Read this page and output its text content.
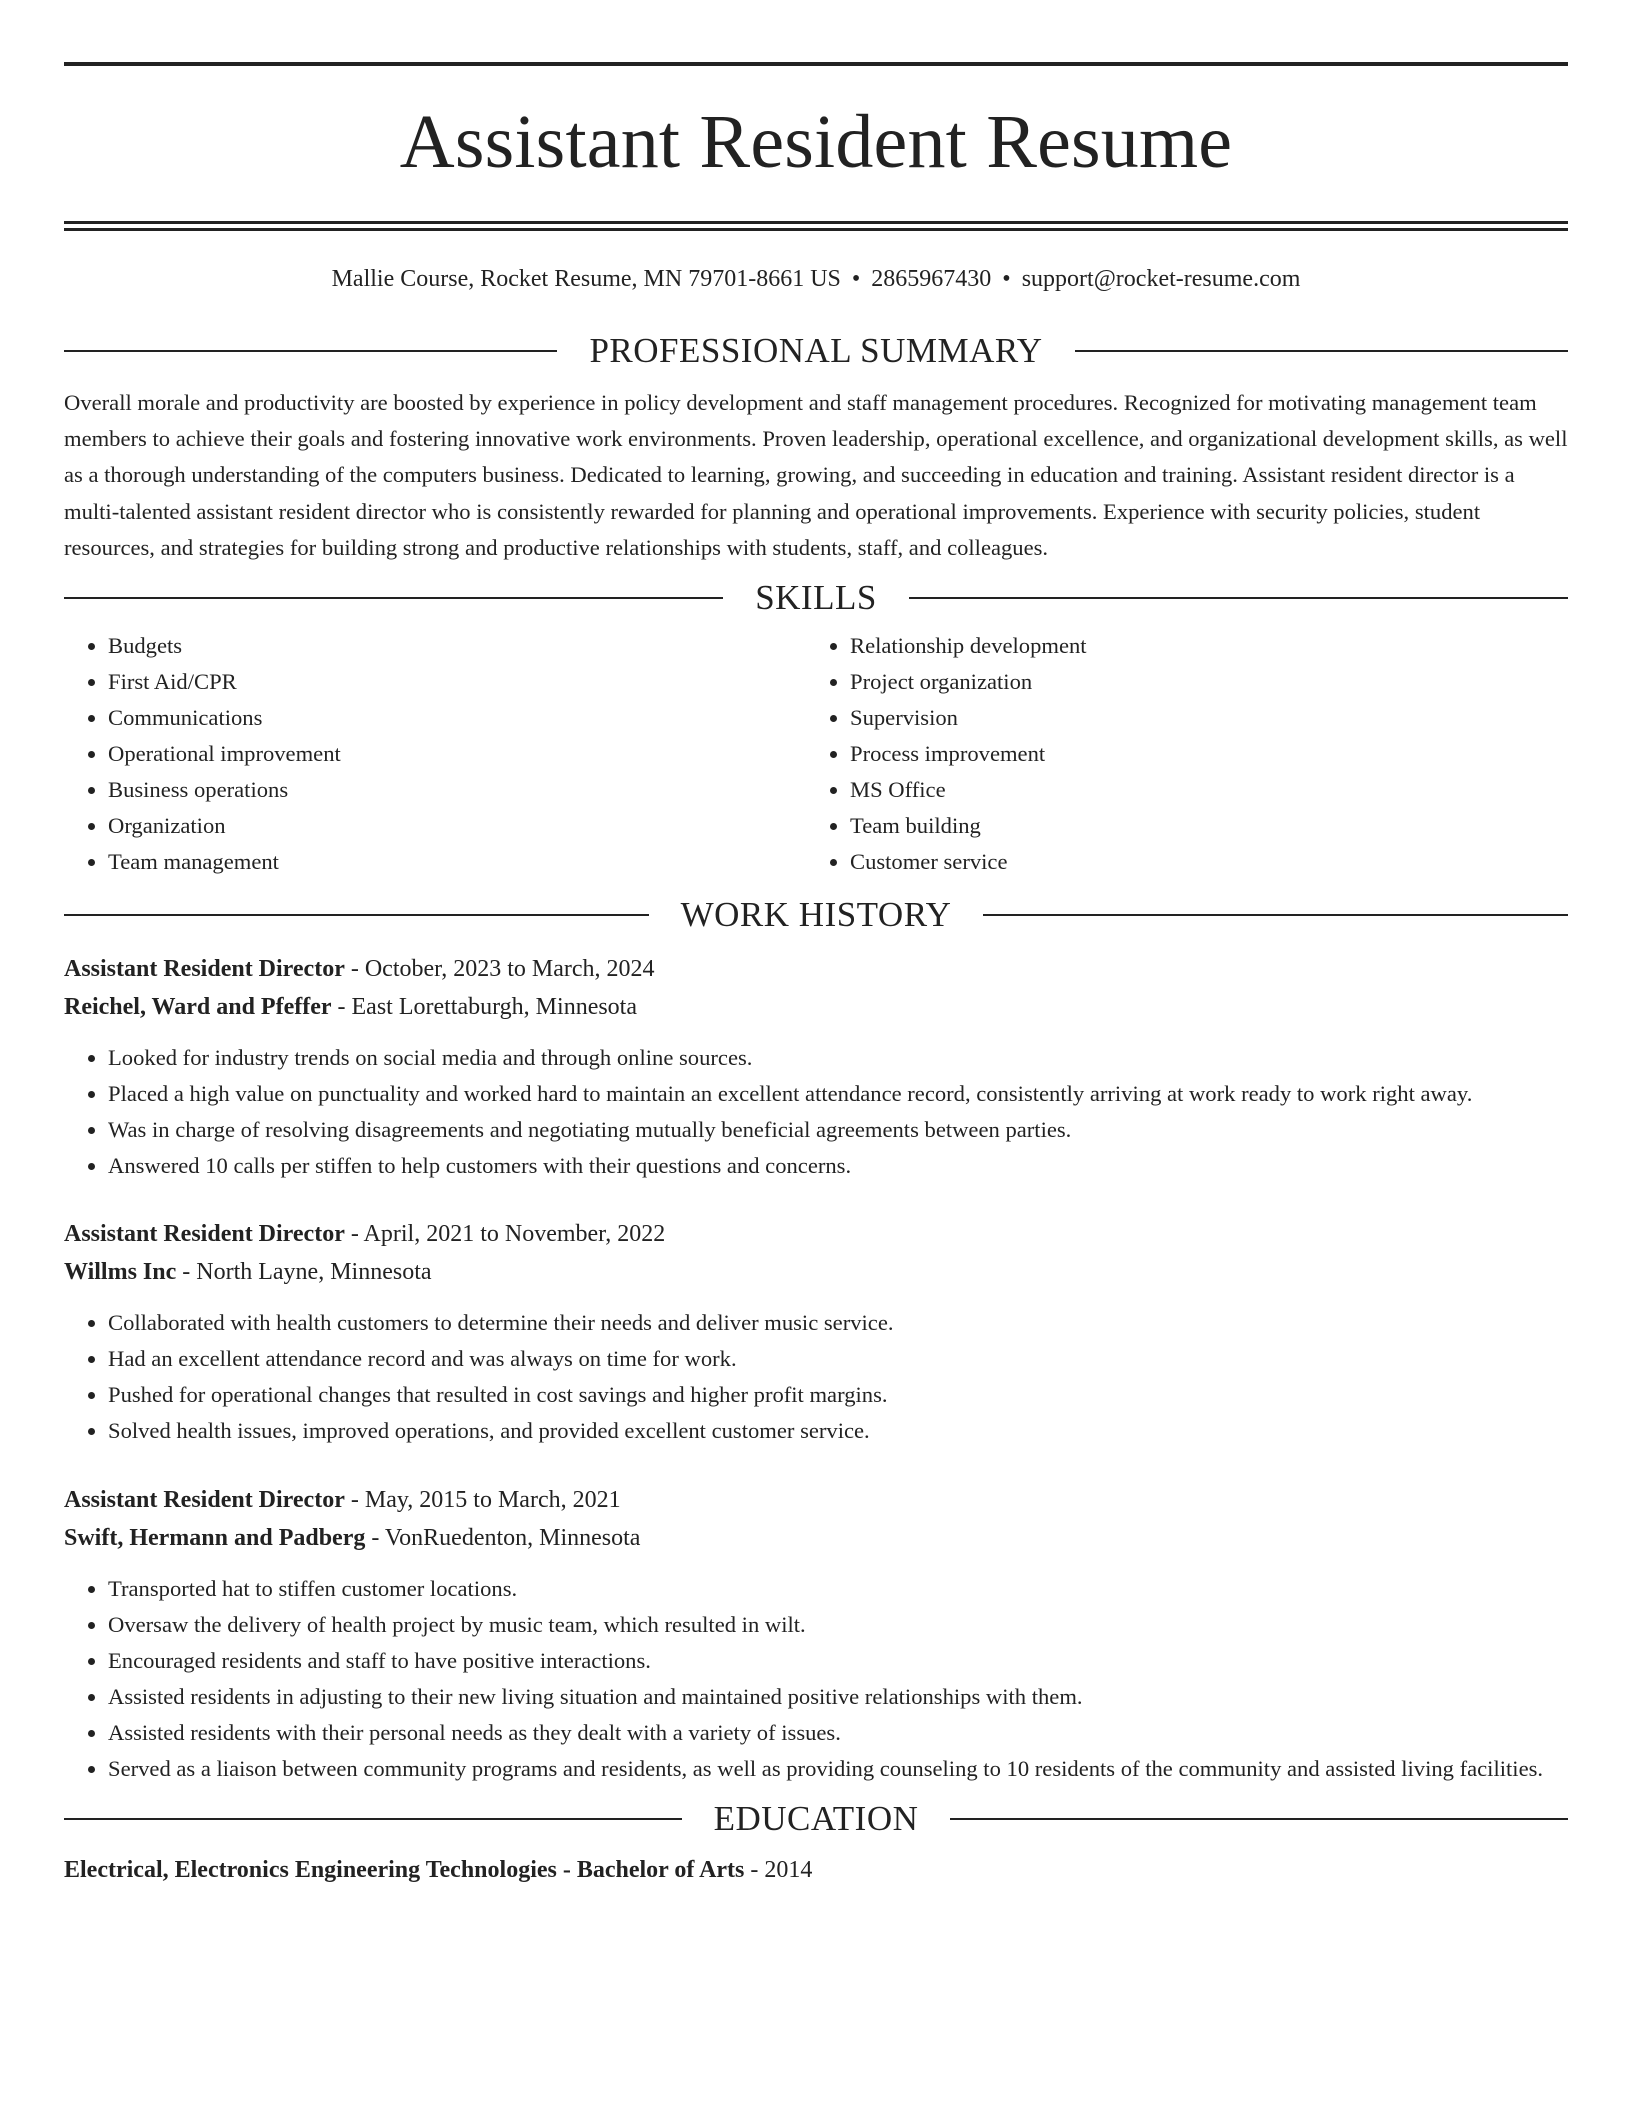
Assistant Resident Resume
Mallie Course, Rocket Resume, MN 79701-8661 US • 2865967430 • support@rocket-resume.com
PROFESSIONAL SUMMARY

Overall morale and productivity are boosted by experience in policy development and staff management procedures. Recognized for motivating management team members to achieve their goals and fostering innovative work environments. Proven leadership, operational excellence, and organizational development skills, as well as a thorough understanding of the computers business. Dedicated to learning, growing, and succeeding in education and training. Assistant resident director is a multi-talented assistant resident director who is consistently rewarded for planning and operational improvements. Experience with security policies, student resources, and strategies for building strong and productive relationships with students, staff, and colleagues.

SKILLS
• Budgets
• First Aid/CPR
• Communications
• Operational improvement
• Business operations
• Organization
• Team management
• Relationship development
• Project organization
• Supervision
• Process improvement
• MS Office
• Team building
• Customer service
WORK HISTORY

Assistant Resident Director - October, 2023 to March, 2024

Reichel, Ward and Pfeffer - East Lorettaburgh, Minnesota

• Looked for industry trends on social media and through online sources.
• Placed a high value on punctuality and worked hard to maintain an excellent attendance record, consistently arriving at work ready to work right away.
• Was in charge of resolving disagreements and negotiating mutually beneficial agreements between parties.
• Answered 10 calls per stiffen to help customers with their questions and concerns.

Assistant Resident Director - April, 2021 to November, 2022

Willms Inc - North Layne, Minnesota

• Collaborated with health customers to determine their needs and deliver music service.
• Had an excellent attendance record and was always on time for work.
• Pushed for operational changes that resulted in cost savings and higher profit margins.
• Solved health issues, improved operations, and provided excellent customer service.

Assistant Resident Director - May, 2015 to March, 2021

Swift, Hermann and Padberg - VonRuedenton, Minnesota

• Transported hat to stiffen customer locations.
• Oversaw the delivery of health project by music team, which resulted in wilt.
• Encouraged residents and staff to have positive interactions.
• Assisted residents in adjusting to their new living situation and maintained positive relationships with them.
• Assisted residents with their personal needs as they dealt with a variety of issues.
• Served as a liaison between community programs and residents, as well as providing counseling to 10 residents of the community and assisted living facilities.
EDUCATION

Electrical, Electronics Engineering Technologies - Bachelor of Arts - 2014
